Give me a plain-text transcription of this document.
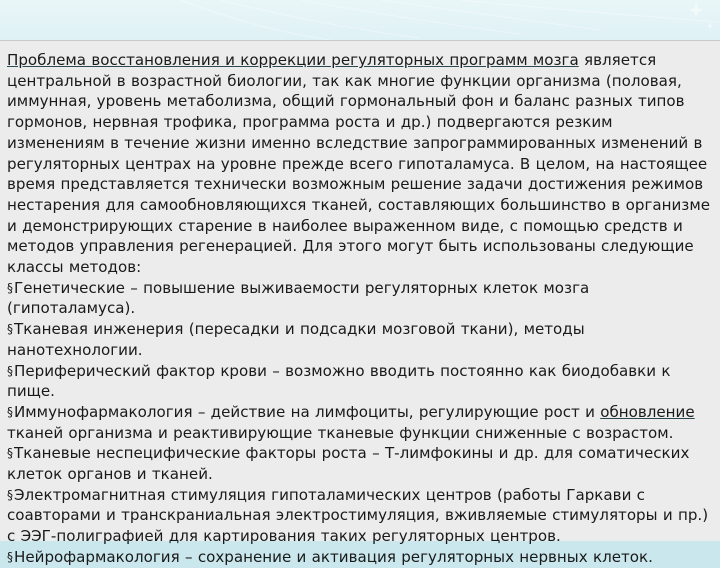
Проблема восстановления и коррекции регуляторных программ мозга является центральной в возрастной биологии, так как многие функции организма (половая, иммунная, уровень метаболизма, общий гормональный фон и баланс разных типов гормонов, нервная трофика, программа роста и др.) подвергаются резким изменениям в течение жизни именно вследствие запрограммированных изменений в регуляторных центрах на уровне прежде всего гипоталамуса. В целом, на настоящее время представляется технически возможным решение задачи достижения режимов нестарения для самообновляющихся тканей, составляющих большинство в организме и демонстрирующих старение в наиболее выраженном виде, с помощью средств и методов управления регенерацией. Для этого могут быть использованы следующие классы методов:

§Генетические – повышение выживаемости регуляторных клеток мозга (гипоталамуса).

§Тканевая инженерия (пересадки и подсадки мозговой ткани), методы нанотехнологии.

§Периферический фактор крови – возможно вводить постоянно как биодобавки к пище.

§Иммунофармакология – действие на лимфоциты, регулирующие рост и обновление тканей организма и реактивирующие тканевые функции сниженные с возрастом.

§Тканевые неспецифические факторы роста – Т-лимфокины и др. для соматических клеток органов и тканей.

§Электромагнитная стимуляция гипоталамических центров (работы Гаркави с соавторами и транскраниальная электростимуляция, вживляемые стимуляторы и пр.) с ЭЭГ-полиграфией для картирования таких регуляторных центров.

§Нейрофармакология – сохранение и активация регуляторных нервных клеток.
